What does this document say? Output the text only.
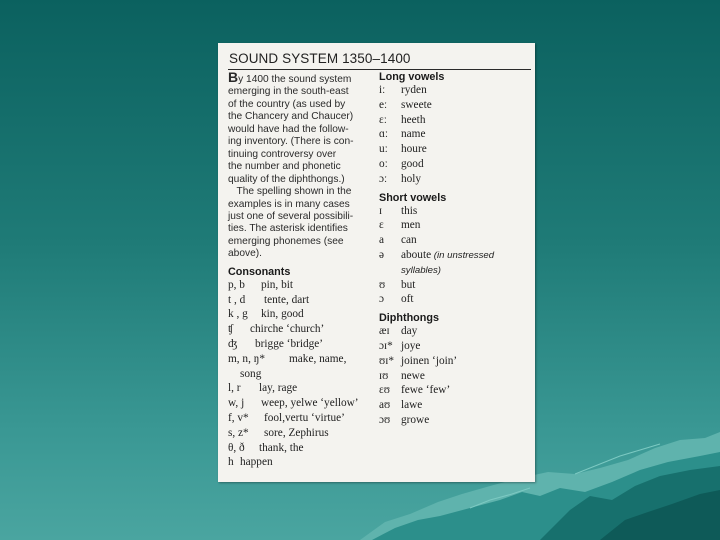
SOUND SYSTEM 1350–1400

By 1400 the sound system
emerging in the south-east
of the country (as used by
the Chancery and Chaucer)
would have had the follow-
ing inventory. (There is con-
tinuing controversy over
the number and phonetic
quality of the diphthongs.)
The spelling shown in the
examples is in many cases
just one of several possibili-
ties. The asterisk identifies
emerging phonemes (see
above).

Consonants

p, b pin, bit
t , d tente, dart
k , g kin, good
ʧ chirche ‘church’
ʤ brigge ‘bridge’
m, n, ŋ* make, name,
song
l, r lay, rage
w, j weep, yelwe ‘yellow’
f, v* fool,vertu ‘virtue’
s, z* sore, Zephirus
θ, ð thank, the
h happen

Long vowels

iː ryden
eː sweete
ɛː heeth
ɑː name
uː houre
oː good
ɔː holy

Short vowels

ɪ this
ɛ men
a can
ə aboute (in unstressed
syllables)
ʊ but
ɔ oft

Diphthongs

æɪ day
ɔɪ* joye
ʊɪ* joinen ‘join’
ɪʊ newe
ɛʊ fewe ‘few’
aʊ lawe
ɔʊ growe
